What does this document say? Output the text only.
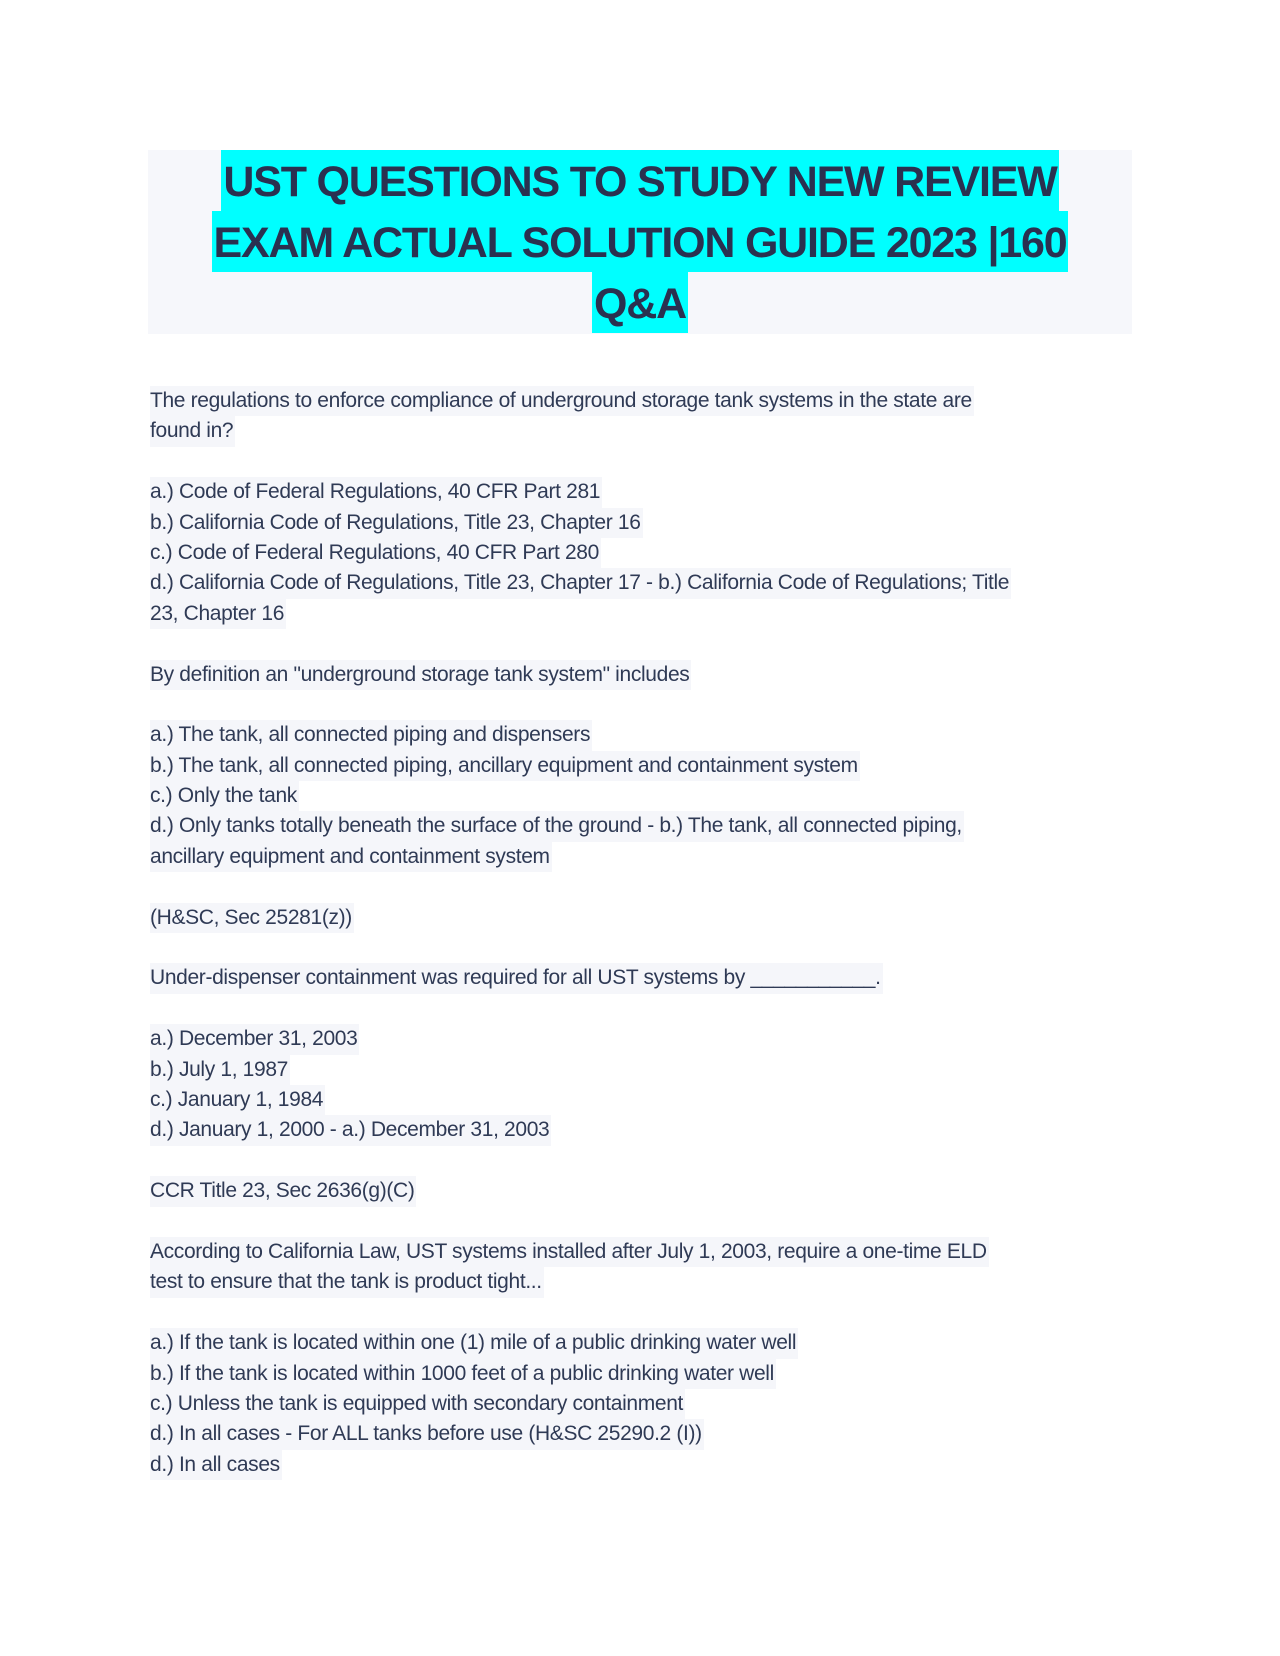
UST QUESTIONS TO STUDY NEW REVIEW
EXAM ACTUAL SOLUTION GUIDE 2023 |160
Q&A
The regulations to enforce compliance of underground storage tank systems in the state are
found in?
a.) Code of Federal Regulations, 40 CFR Part 281
b.) California Code of Regulations, Title 23, Chapter 16
c.) Code of Federal Regulations, 40 CFR Part 280
d.) California Code of Regulations, Title 23, Chapter 17 - b.) California Code of Regulations; Title
23, Chapter 16
By definition an "underground storage tank system" includes
a.) The tank, all connected piping and dispensers
b.) The tank, all connected piping, ancillary equipment and containment system
c.) Only the tank
d.) Only tanks totally beneath the surface of the ground - b.) The tank, all connected piping,
ancillary equipment and containment system
(H&SC, Sec 25281(z))
Under-dispenser containment was required for all UST systems by ___________.
a.) December 31, 2003
b.) July 1, 1987
c.) January 1, 1984
d.) January 1, 2000 - a.) December 31, 2003
CCR Title 23, Sec 2636(g)(C)
According to California Law, UST systems installed after July 1, 2003, require a one-time ELD
test to ensure that the tank is product tight...
a.) If the tank is located within one (1) mile of a public drinking water well
b.) If the tank is located within 1000 feet of a public drinking water well
c.) Unless the tank is equipped with secondary containment
d.) In all cases - For ALL tanks before use (H&SC 25290.2 (I))
d.) In all cases
